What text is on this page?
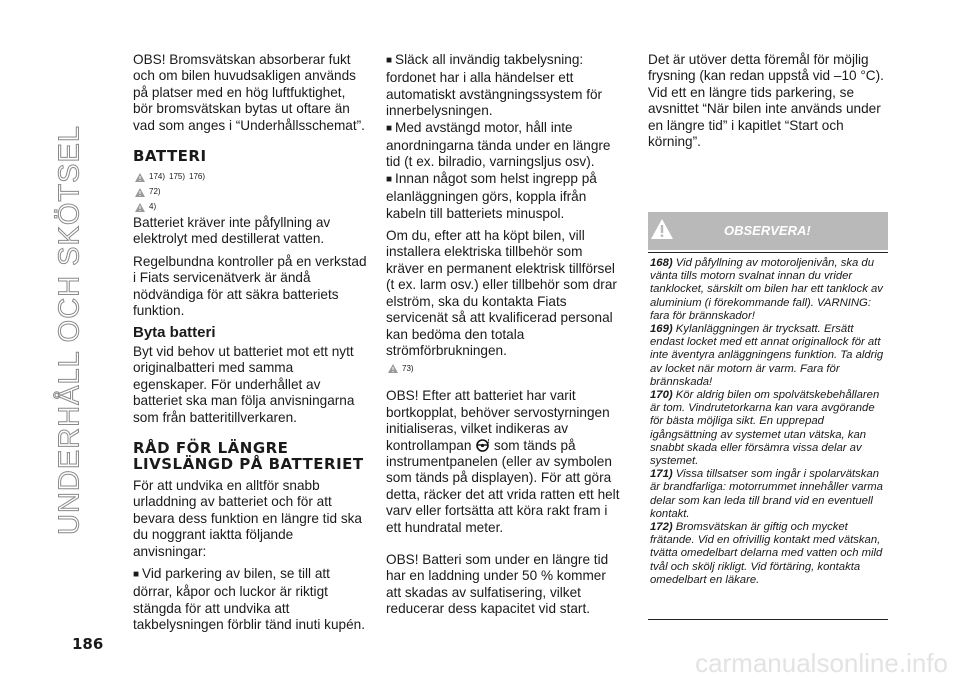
UNDERHÅLL OCH SKÖTSEL

OBS! Bromsvätskan absorberar fukt och om bilen huvudsakligen används på platser med en hög luftfuktighet, bör bromsvätskan bytas ut oftare än vad som anges i “Underhållsschemat”.

BATTERI
174) 175) 176)
72)
4)

Batteriet kräver inte påfyllning av elektrolyt med destillerat vatten.

Regelbundna kontroller på en verkstad i Fiats servicenätverk är ändå nödvändiga för att säkra batteriets funktion.

Byta batteri

Byt vid behov ut batteriet mot ett nytt originalbatteri med samma egenskaper. För underhållet av batteriet ska man följa anvisningarna som från batteritillverkaren.

RÅD FÖR LÄNGRE LIVSLÄNGD PÅ BATTERIET

För att undvika en alltför snabb urladdning av batteriet och för att bevara dess funktion en längre tid ska du noggrant iaktta följande anvisningar:

■ Vid parkering av bilen, se till att dörrar, kåpor och luckor är riktigt stängda för att undvika att takbelysningen förblir tänd inuti kupén.

■ Släck all invändig takbelysning: fordonet har i alla händelser ett automatiskt avstängningssystem för innerbelysningen.

■ Med avstängd motor, håll inte anordningarna tända under en längre tid (t ex. bilradio, varningsljus osv).

■ Innan något som helst ingrepp på elanläggningen görs, koppla ifrån kabeln till batteriets minuspol.

Om du, efter att ha köpt bilen, vill installera elektriska tillbehör som kräver en permanent elektrisk tillförsel (t ex. larm osv.) eller tillbehör som drar elström, ska du kontakta Fiats servicenät så att kvalificerad personal kan bedöma den totala strömförbrukningen.

73)

OBS! Efter att batteriet har varit bortkopplat, behöver servostyrningen initialiseras, vilket indikeras av kontrollampan	! som tänds på instrumentpanelen (eller av symbolen som tänds på displayen). För att göra detta, räcker det att vrida ratten ett helt varv eller fortsätta att köra rakt fram i ett hundratal meter.

OBS! Batteri som under en längre tid har en laddning under 50 % kommer att skadas av sulfatisering, vilket reducerar dess kapacitet vid start.

Det är utöver detta föremål för möjlig frysning (kan redan uppstå vid –10 °C). Vid ett en längre tids parkering, se avsnittet “När bilen inte används under en längre tid” i kapitlet “Start och körning”.

OBSERVERA!

168) Vid påfyllning av motoroljenivån, ska du vänta tills motorn svalnat innan du vrider tanklocket, särskilt om bilen har ett tanklock av aluminium (i förekommande fall). VARNING: fara för brännskador!

169) Kylanläggningen är trycksatt. Ersätt endast locket med ett annat originallock för att inte äventyra anläggningens funktion. Ta aldrig av locket när motorn är varm. Fara för brännskada!

170) Kör aldrig bilen om spolvätskebehållaren är tom. Vindrutetorkarna kan vara avgörande för bästa möjliga sikt. En upprepad igångsättning av systemet utan vätska, kan snabbt skada eller försämra vissa delar av systemet.

171) Vissa tillsatser som ingår i spolarvätskan är brandfarliga: motorrummet innehåller varma delar som kan leda till brand vid en eventuell kontakt.

172) Bromsvätskan är giftig och mycket frätande. Vid en ofrivillig kontakt med vätskan, tvätta omedelbart delarna med vatten och mild tvål och skölj rikligt. Vid förtäring, kontakta omedelbart en läkare.

186
carmanualsonline.info
